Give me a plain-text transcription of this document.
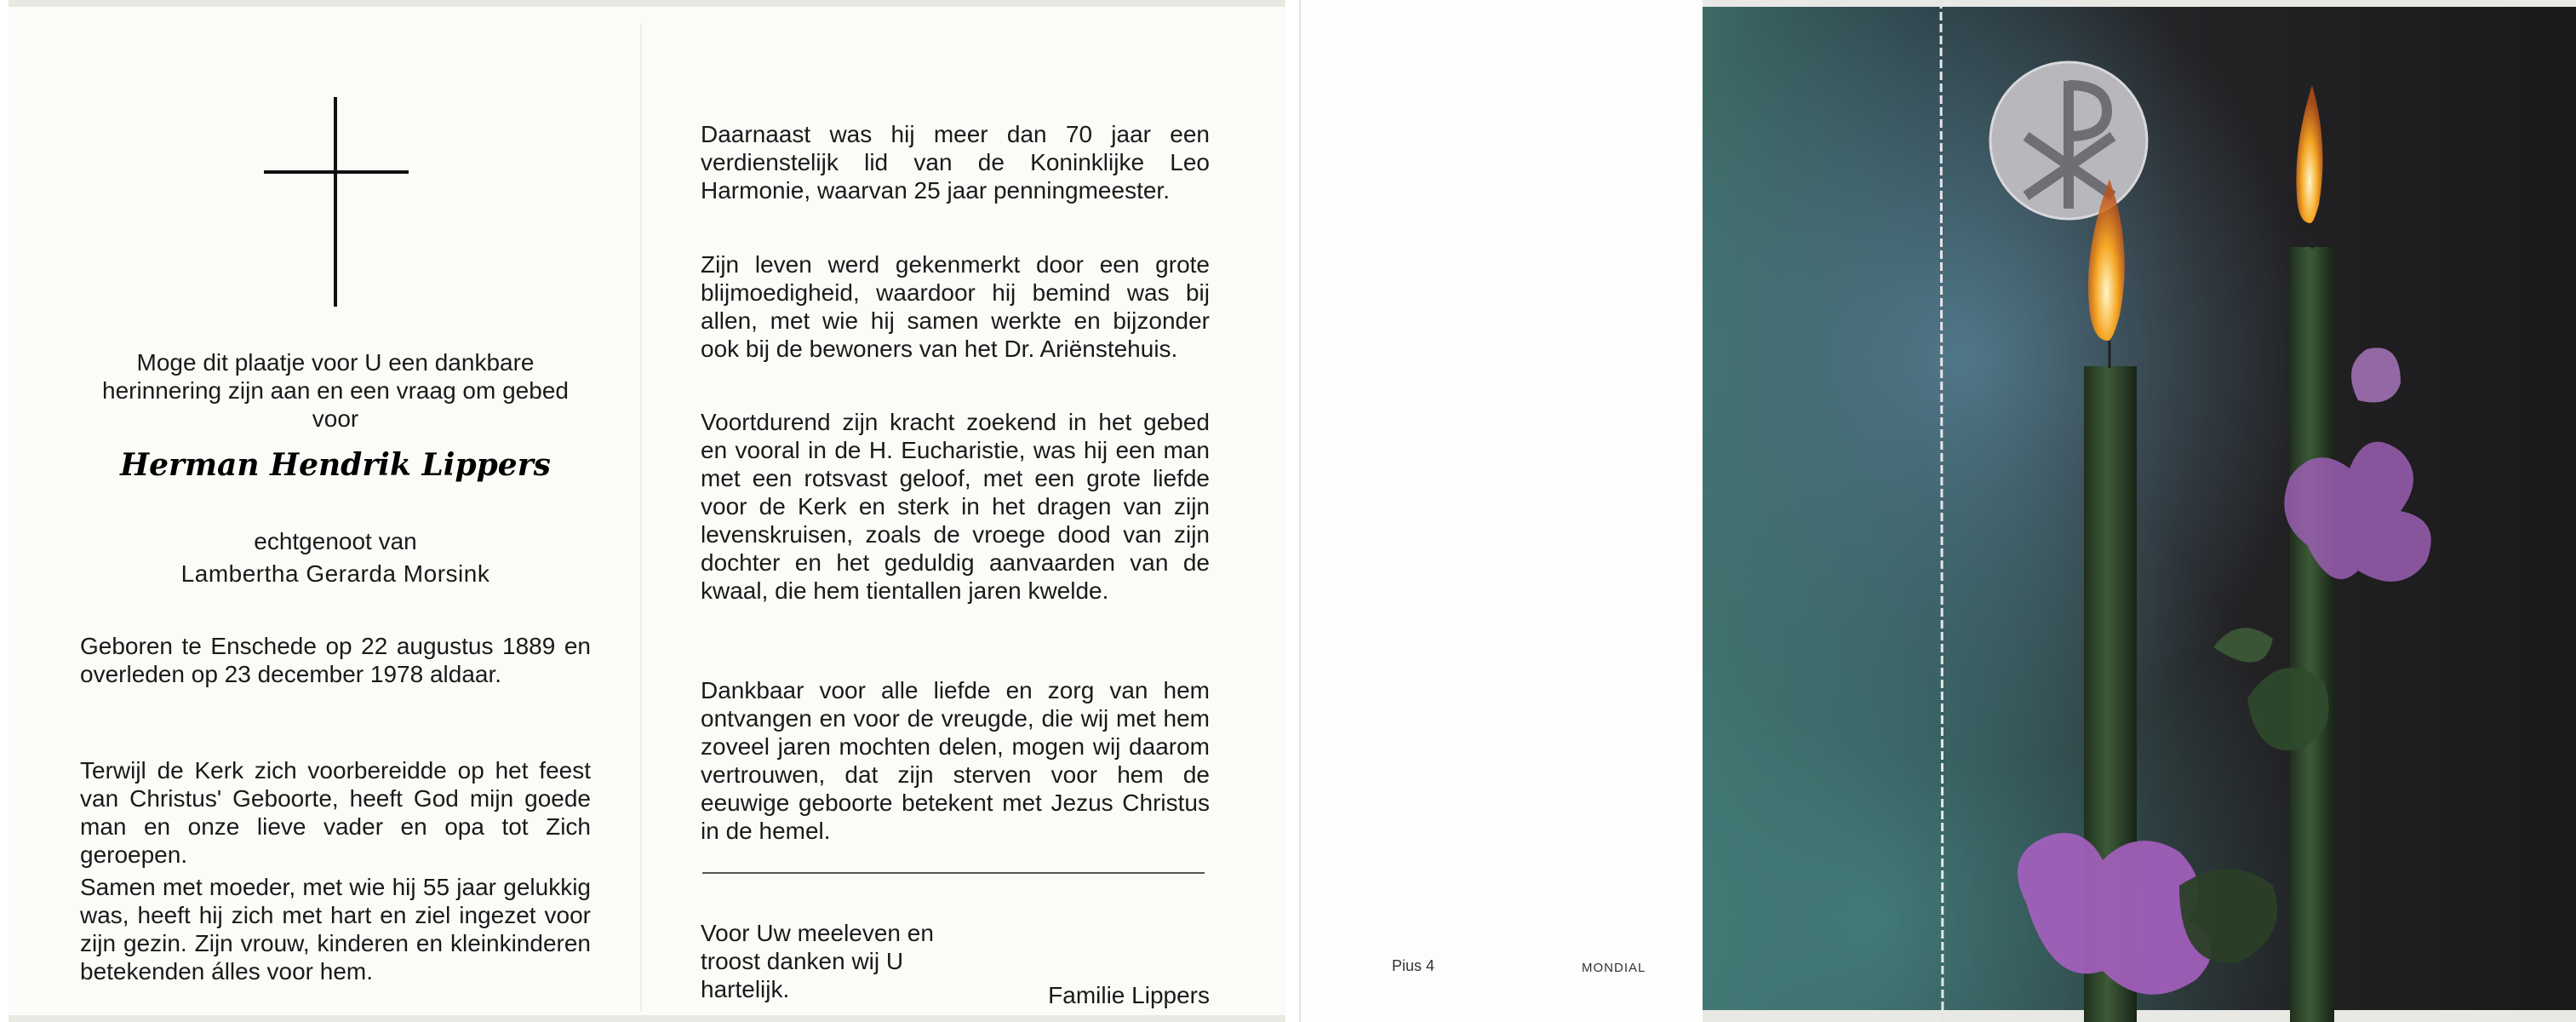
Moge dit plaatje voor U een dankbare herinnering zijn aan en een vraag om gebed voor

Herman Hendrik Lippers

echtgenoot van

Lambertha Gerarda Morsink

Geboren te Enschede op 22 augustus 1889 en overleden op 23 december 1978 aldaar.

Terwijl de Kerk zich voorbereidde op het feest van Christus' Geboorte, heeft God mijn goede man en onze lieve vader en opa tot Zich geroepen.

Samen met moeder, met wie hij 55 jaar gelukkig was, heeft hij zich met hart en ziel ingezet voor zijn gezin. Zijn vrouw, kinderen en kleinkinderen betekenden álles voor hem.

Daarnaast was hij meer dan 70 jaar een verdienstelijk lid van de Koninklijke Leo Harmonie, waarvan 25 jaar penningmeester.

Zijn leven werd gekenmerkt door een grote blijmoedigheid, waardoor hij bemind was bij allen, met wie hij samen werkte en bijzonder ook bij de bewoners van het Dr. Ariënstehuis.

Voortdurend zijn kracht zoekend in het gebed en vooral in de H. Eucharistie, was hij een man met een rotsvast geloof, met een grote liefde voor de Kerk en sterk in het dragen van zijn levenskruisen, zoals de vroege dood van zijn dochter en het geduldig aanvaarden van de kwaal, die hem tientallen jaren kwelde.

Dankbaar voor alle liefde en zorg van hem ontvangen en voor de vreugde, die wij met hem zoveel jaren mochten delen, mogen wij daarom vertrouwen, dat zijn sterven voor hem de eeuwige geboorte betekent met Jezus Christus in de hemel.

Voor Uw meeleven en troost danken wij U hartelijk.	Familie Lippers

Pius 4	MONDIAL
